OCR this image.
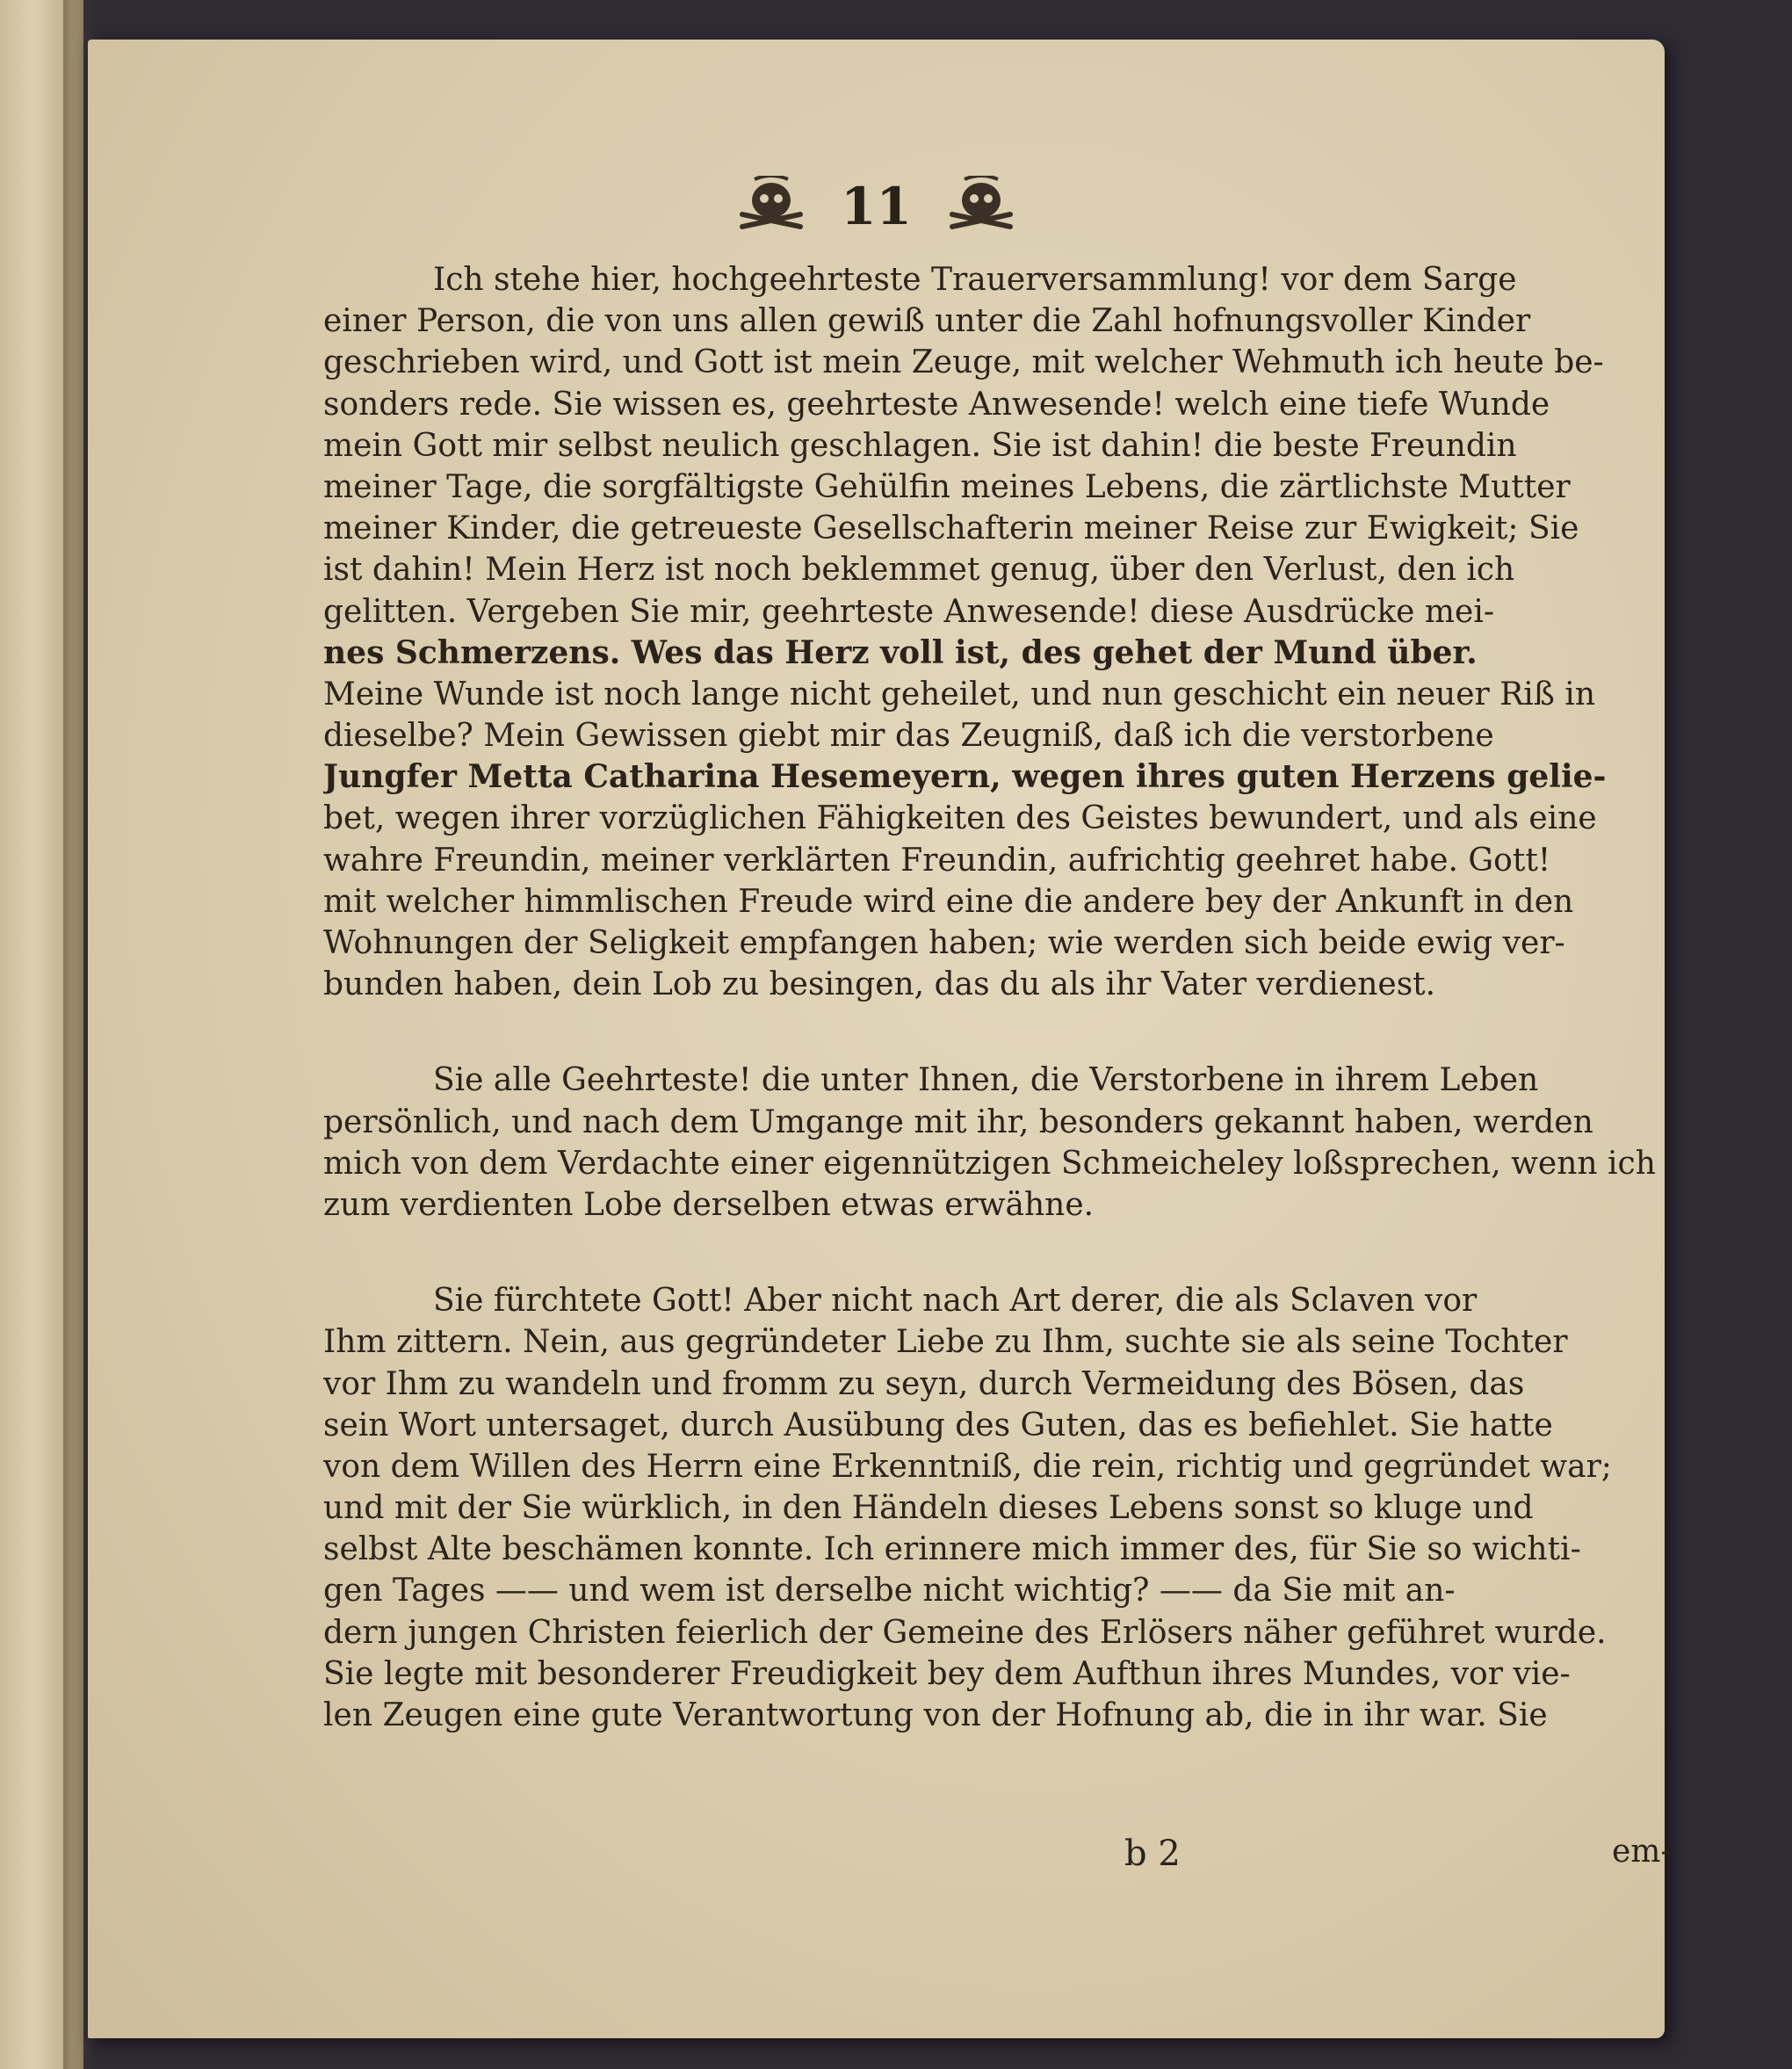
11
Ich stehe hier, hochgeehrteste Trauerversammlung! vor dem Sarge
einer Person, die von uns allen gewiß unter die Zahl hofnungsvoller Kinder
geschrieben wird, und Gott ist mein Zeuge, mit welcher Wehmuth ich heute be-
sonders rede. Sie wissen es, geehrteste Anwesende! welch eine tiefe Wunde
mein Gott mir selbst neulich geschlagen. Sie ist dahin! die beste Freundin
meiner Tage, die sorgfältigste Gehülfin meines Lebens, die zärtlichste Mutter
meiner Kinder, die getreueste Gesellschafterin meiner Reise zur Ewigkeit; Sie
ist dahin! Mein Herz ist noch beklemmet genug, über den Verlust, den ich
gelitten. Vergeben Sie mir, geehrteste Anwesende! diese Ausdrücke mei-
nes Schmerzens. Wes das Herz voll ist, des gehet der Mund über.
Meine Wunde ist noch lange nicht geheilet, und nun geschicht ein neuer Riß in
dieselbe? Mein Gewissen giebt mir das Zeugniß, daß ich die verstorbene
Jungfer Metta Catharina Hesemeyern, wegen ihres guten Herzens gelie-
bet, wegen ihrer vorzüglichen Fähigkeiten des Geistes bewundert, und als eine
wahre Freundin, meiner verklärten Freundin, aufrichtig geehret habe. Gott!
mit welcher himmlischen Freude wird eine die andere bey der Ankunft in den
Wohnungen der Seligkeit empfangen haben; wie werden sich beide ewig ver-
bunden haben, dein Lob zu besingen, das du als ihr Vater verdienest.
Sie alle Geehrteste! die unter Ihnen, die Verstorbene in ihrem Leben
persönlich, und nach dem Umgange mit ihr, besonders gekannt haben, werden
mich von dem Verdachte einer eigennützigen Schmeicheley loßsprechen, wenn ich
zum verdienten Lobe derselben etwas erwähne.
Sie fürchtete Gott! Aber nicht nach Art derer, die als Sclaven vor
Ihm zittern. Nein, aus gegründeter Liebe zu Ihm, suchte sie als seine Tochter
vor Ihm zu wandeln und fromm zu seyn, durch Vermeidung des Bösen, das
sein Wort untersaget, durch Ausübung des Guten, das es befiehlet. Sie hatte
von dem Willen des Herrn eine Erkenntniß, die rein, richtig und gegründet war;
und mit der Sie würklich, in den Händeln dieses Lebens sonst so kluge und
selbst Alte beschämen konnte. Ich erinnere mich immer des, für Sie so wichti-
gen Tages —— und wem ist derselbe nicht wichtig? —— da Sie mit an-
dern jungen Christen feierlich der Gemeine des Erlösers näher geführet wurde.
Sie legte mit besonderer Freudigkeit bey dem Aufthun ihres Mundes, vor vie-
len Zeugen eine gute Verantwortung von der Hofnung ab, die in ihr war. Sie
b 2	em-
